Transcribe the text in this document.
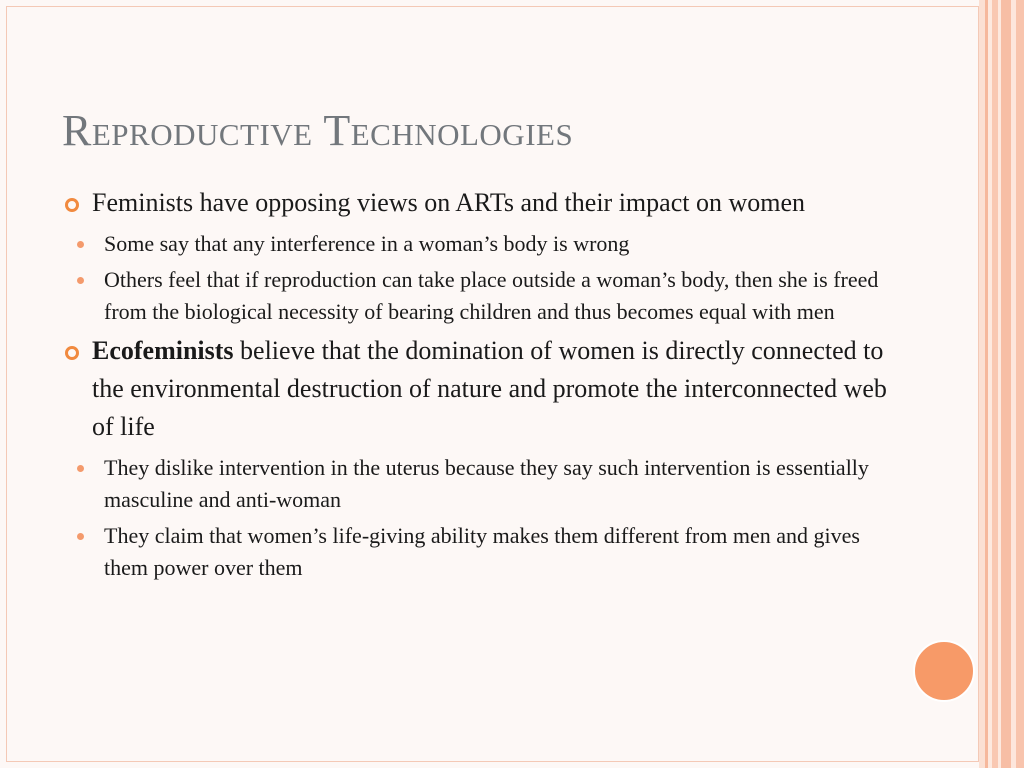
Reproductive Technologies
Feminists have opposing views on ARTs and their impact on women
Some say that any interference in a woman’s body is wrong
Others feel that if reproduction can take place outside a woman’s body, then she is freed from the biological necessity of bearing children and thus becomes equal with men
Ecofeminists believe that the domination of women is directly connected to the environmental destruction of nature and promote the interconnected web of life
They dislike intervention in the uterus because they say such intervention is essentially masculine and anti-woman
They claim that women’s life-giving ability makes them different from men and gives them power over them
